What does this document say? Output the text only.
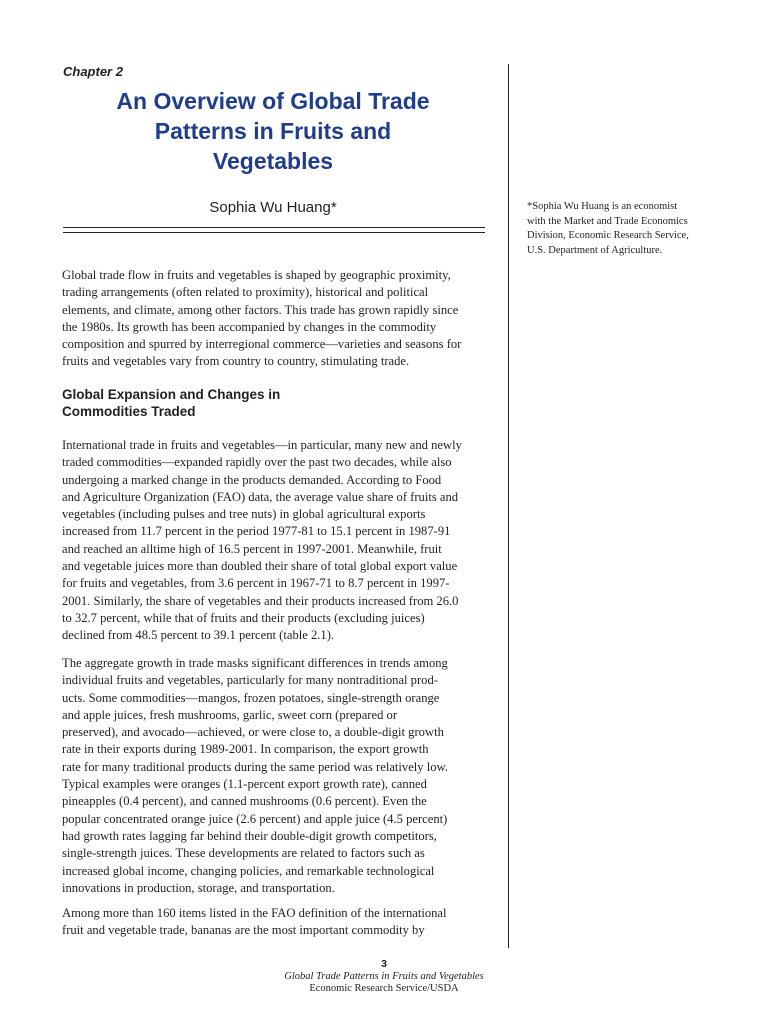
Chapter 2
An Overview of Global Trade
Patterns in Fruits and
Vegetables
Sophia Wu Huang*	*Sophia Wu Huang is an economist
with the Market and Trade Economics
Division, Economic Research Service,
U.S. Department of Agriculture.
Global trade flow in fruits and vegetables is shaped by geographic proximity,
trading arrangements (often related to proximity), historical and political
elements, and climate, among other factors. This trade has grown rapidly since
the 1980s. Its growth has been accompanied by changes in the commodity
composition and spurred by interregional commerce—varieties and seasons for
fruits and vegetables vary from country to country, stimulating trade.
Global Expansion and Changes in
Commodities Traded
International trade in fruits and vegetables—in particular, many new and newly
traded commodities—expanded rapidly over the past two decades, while also
undergoing a marked change in the products demanded. According to Food
and Agriculture Organization (FAO) data, the average value share of fruits and
vegetables (including pulses and tree nuts) in global agricultural exports
increased from 11.7 percent in the period 1977-81 to 15.1 percent in 1987-91
and reached an alltime high of 16.5 percent in 1997-2001. Meanwhile, fruit
and vegetable juices more than doubled their share of total global export value
for fruits and vegetables, from 3.6 percent in 1967-71 to 8.7 percent in 1997-
2001. Similarly, the share of vegetables and their products increased from 26.0
to 32.7 percent, while that of fruits and their products (excluding juices)
declined from 48.5 percent to 39.1 percent (table 2.1).
The aggregate growth in trade masks significant differences in trends among
individual fruits and vegetables, particularly for many nontraditional prod-
ucts. Some commodities—mangos, frozen potatoes, single-strength orange
and apple juices, fresh mushrooms, garlic, sweet corn (prepared or
preserved), and avocado—achieved, or were close to, a double-digit growth
rate in their exports during 1989-2001. In comparison, the export growth
rate for many traditional products during the same period was relatively low.
Typical examples were oranges (1.1-percent export growth rate), canned
pineapples (0.4 percent), and canned mushrooms (0.6 percent). Even the
popular concentrated orange juice (2.6 percent) and apple juice (4.5 percent)
had growth rates lagging far behind their double-digit growth competitors,
single-strength juices. These developments are related to factors such as
increased global income, changing policies, and remarkable technological
innovations in production, storage, and transportation.
Among more than 160 items listed in the FAO definition of the international
fruit and vegetable trade, bananas are the most important commodity by
3
Global Trade Patterns in Fruits and Vegetables
Economic Research Service/USDA
